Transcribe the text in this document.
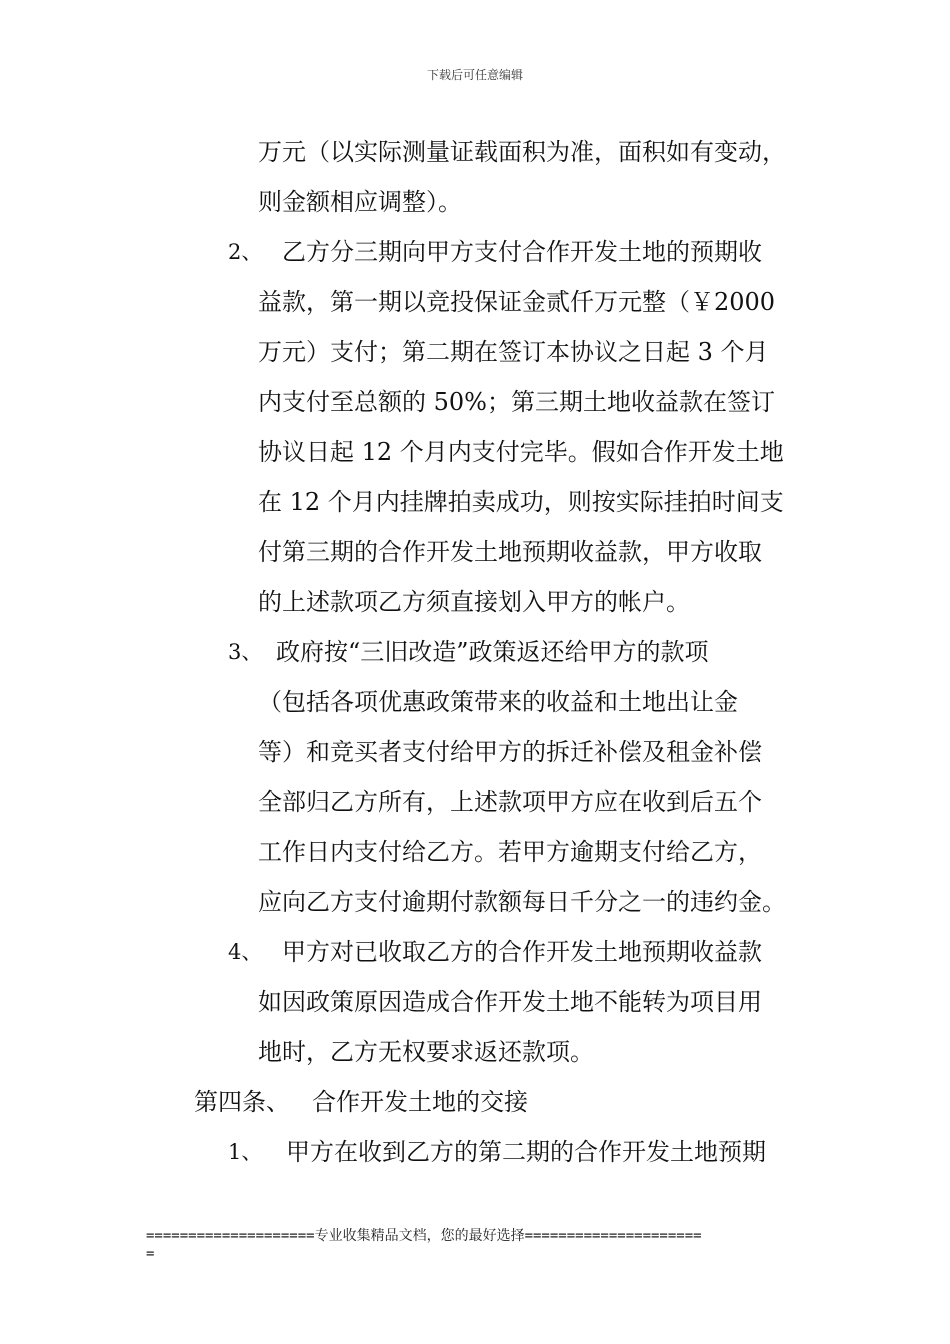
下载后可任意编辑
万元（以实际测量证载面积为准，面积如有变动，
则金额相应调整）。
2、 乙方分三期向甲方支付合作开发土地的预期收
益款，第一期以竞投保证金贰仟万元整（￥2000
万元）支付；第二期在签订本协议之日起 3 个月
内支付至总额的 50%；第三期土地收益款在签订
协议日起 12 个月内支付完毕。假如合作开发土地
在 12 个月内挂牌拍卖成功，则按实际挂拍时间支
付第三期的合作开发土地预期收益款，甲方收取
的上述款项乙方须直接划入甲方的帐户。
3、 政府按“三旧改造”政策返还给甲方的款项
（包括各项优惠政策带来的收益和土地出让金
等）和竞买者支付给甲方的拆迁补偿及租金补偿
全部归乙方所有，上述款项甲方应在收到后五个
工作日内支付给乙方。若甲方逾期支付给乙方，
应向乙方支付逾期付款额每日千分之一的违约金。
4、 甲方对已收取乙方的合作开发土地预期收益款
如因政策原因造成合作开发土地不能转为项目用
地时，乙方无权要求返还款项。
第四条、 合作开发土地的交接
1、 甲方在收到乙方的第二期的合作开发土地预期
====================专业收集精品文档，您的最好选择=====================
=
